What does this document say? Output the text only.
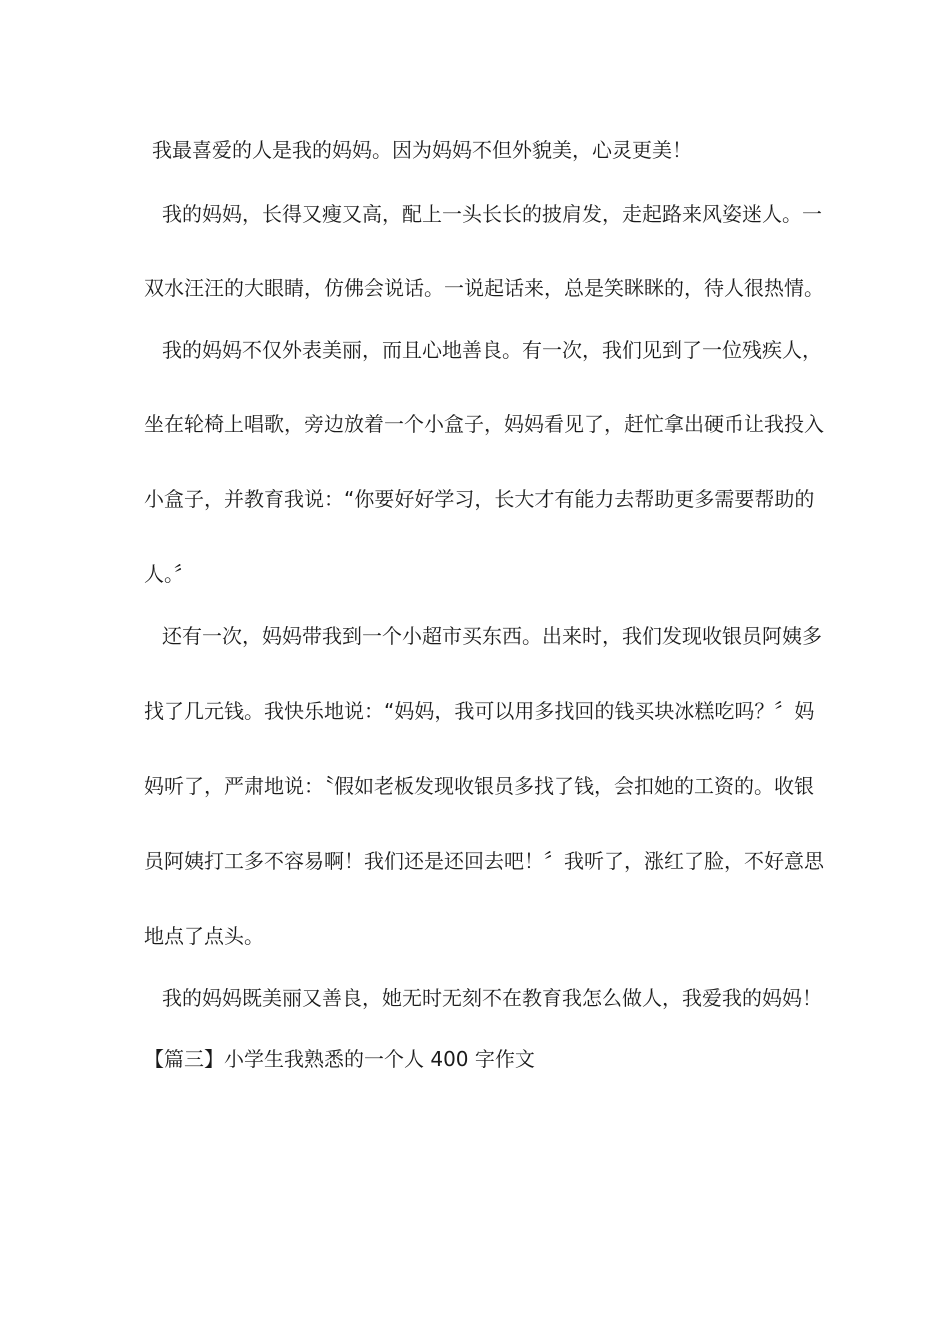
我最喜爱的人是我的妈妈。因为妈妈不但外貌美，心灵更美！
我的妈妈，长得又瘦又高，配上一头长长的披肩发，走起路来风姿迷人。一
双水汪汪的大眼睛，仿佛会说话。一说起话来，总是笑眯眯的，待人很热情。
我的妈妈不仅外表美丽，而且心地善良。有一次，我们见到了一位残疾人，
坐在轮椅上唱歌，旁边放着一个小盒子，妈妈看见了，赶忙拿出硬币让我投入
小盒子，并教育我说：“你要好好学习，长大才有能力去帮助更多需要帮助的
人。〞
还有一次，妈妈带我到一个小超市买东西。出来时，我们发现收银员阿姨多
找了几元钱。我快乐地说：“妈妈，我可以用多找回的钱买块冰糕吃吗？〞妈
妈听了，严肃地说：〝假如老板发现收银员多找了钱，会扣她的工资的。收银
员阿姨打工多不容易啊！我们还是还回去吧！〞我听了，涨红了脸，不好意思
地点了点头。
我的妈妈既美丽又善良，她无时无刻不在教育我怎么做人，我爱我的妈妈！
【篇三】小学生我熟悉的一个人 400 字作文
